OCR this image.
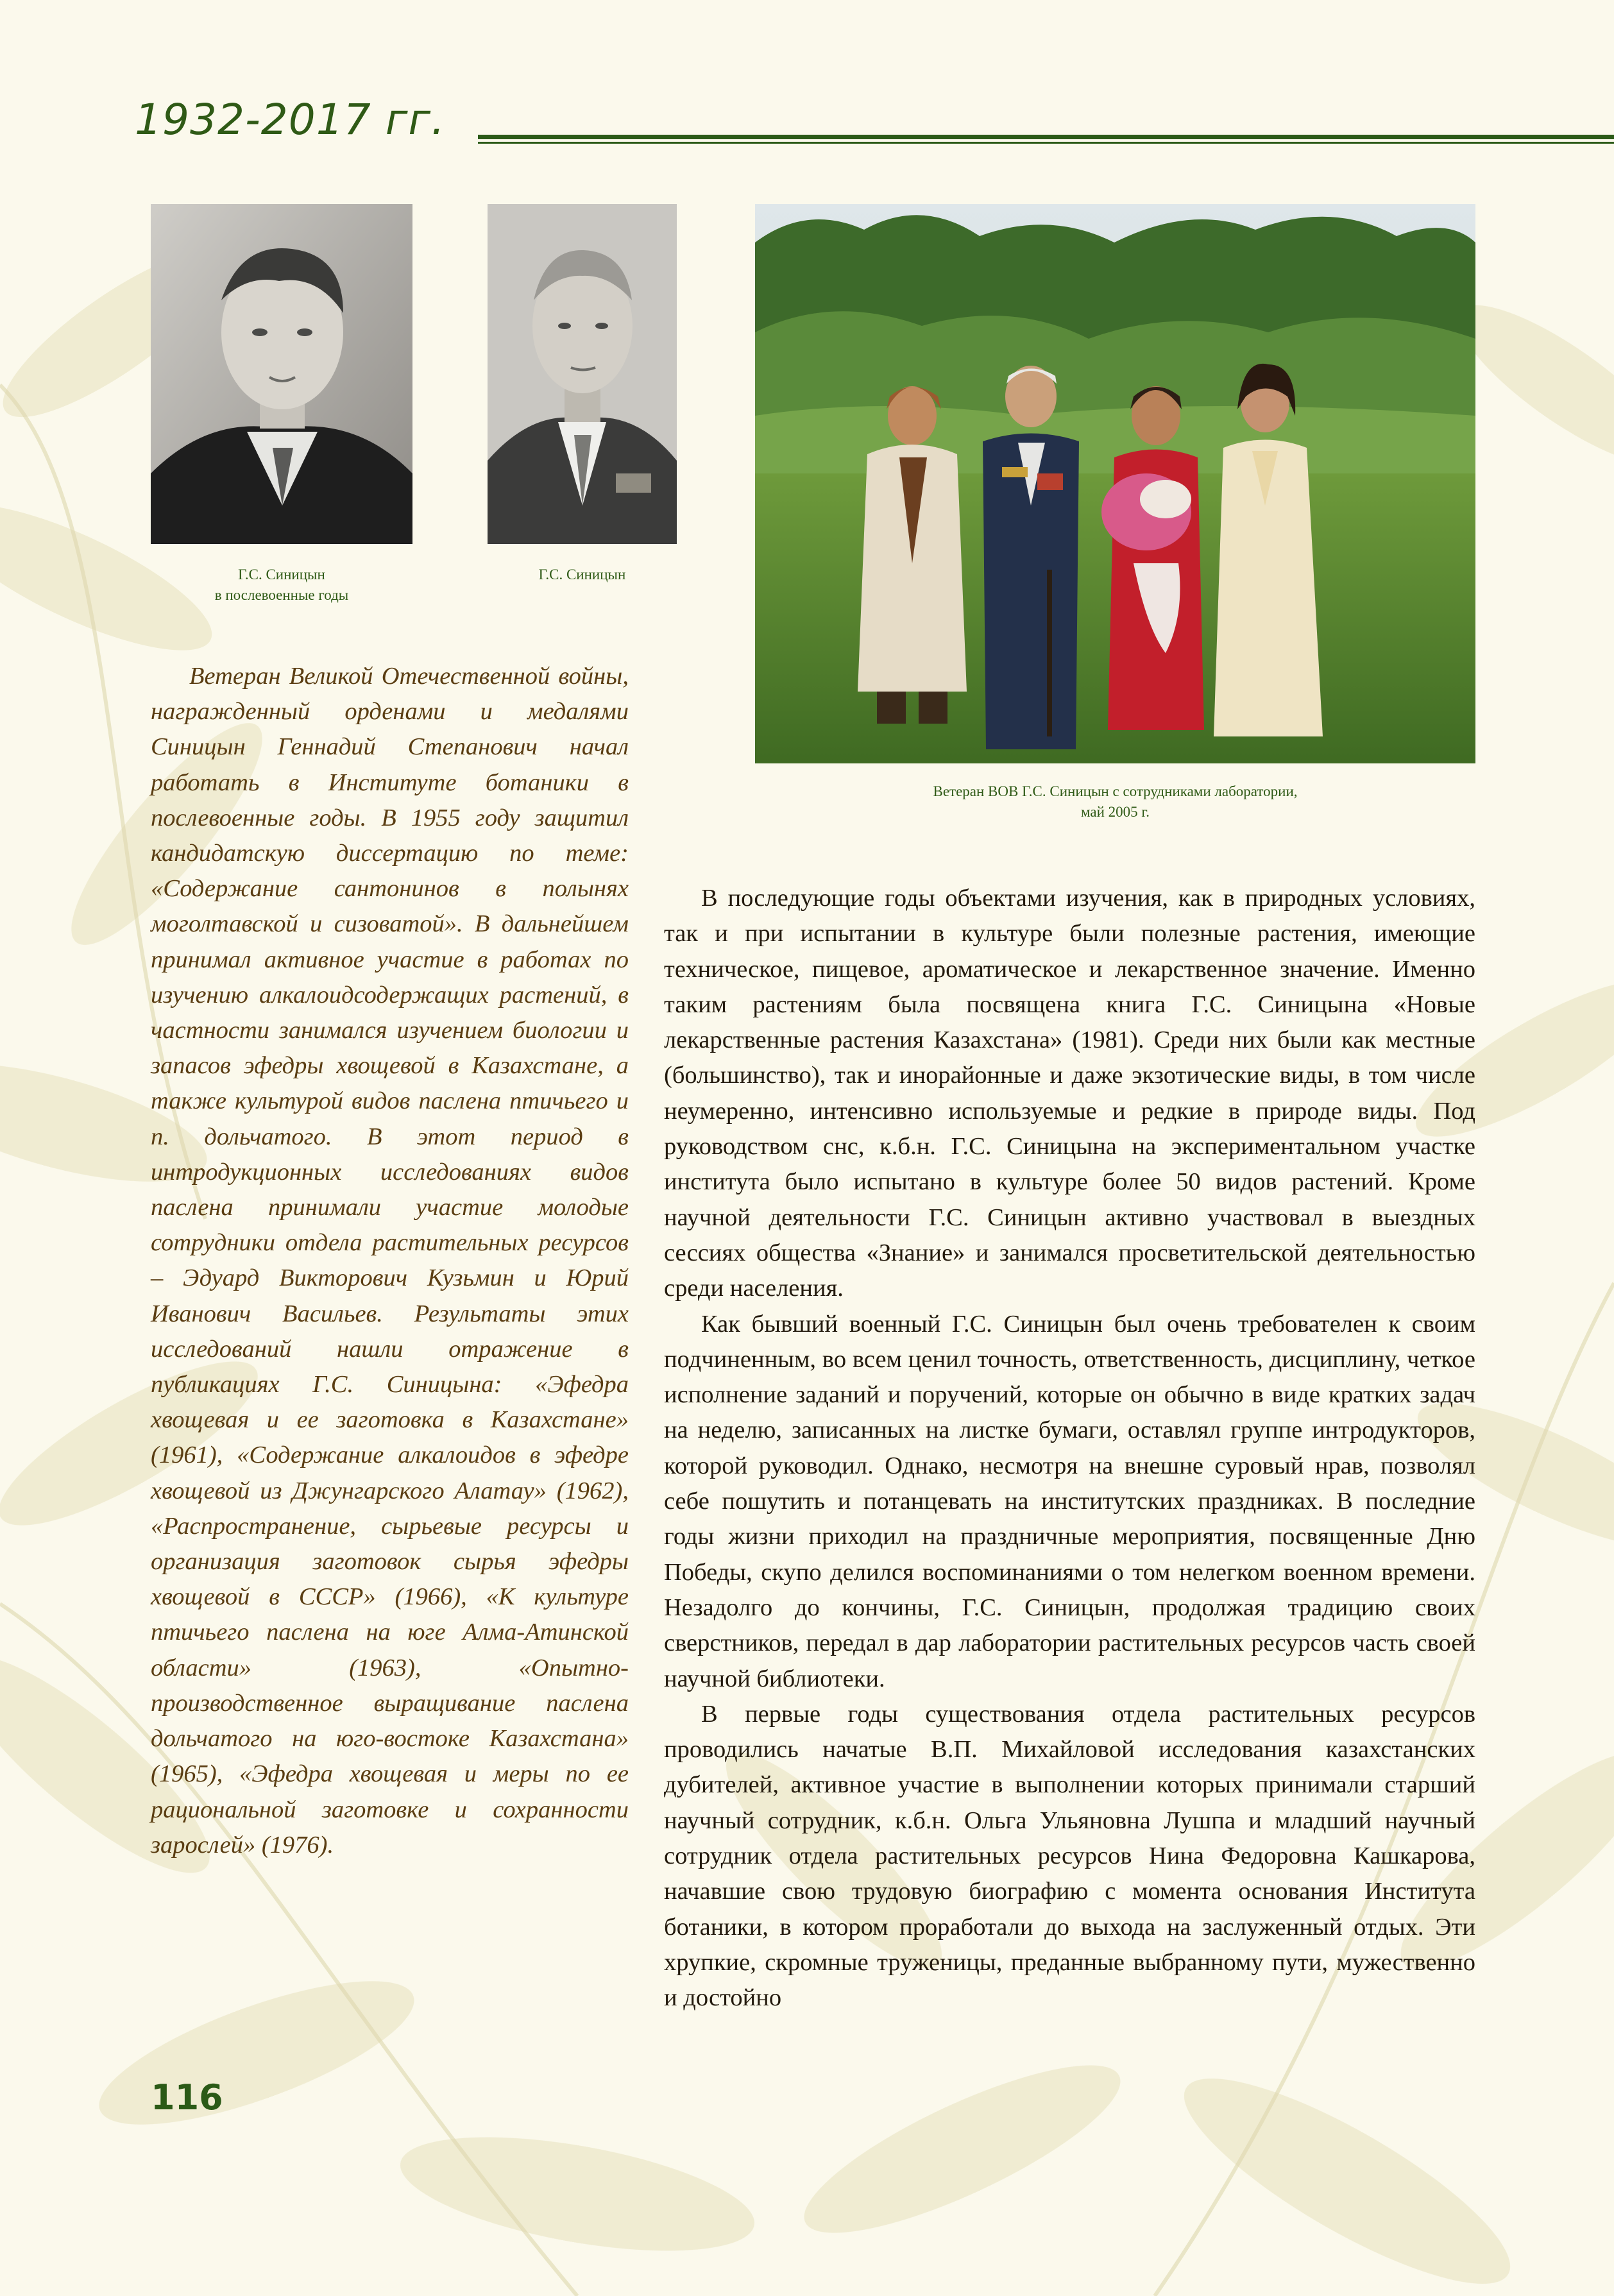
1932-2017 гг.

Г.С. Синицын
в послевоенные годы

Г.С. Синицын

Ветеран ВОВ Г.С. Синицын с сотрудниками лаборатории,
май 2005 г.

Ветеран Великой Отечественной войны, награжденный орденами и медалями Синицын Геннадий Степанович начал работать в Институте ботаники в послевоенные годы. В 1955 году защитил кандидатскую диссертацию по теме: «Содержание сантонинов в полынях моголтавской и сизоватой». В дальнейшем принимал активное участие в работах по изучению алкалоидсодержащих растений, в частности занимался изучением биологии и запасов эфедры хвощевой в Казахстане, а также культурой видов паслена птичьего и п. дольчатого. В этот период в интродукционных исследованиях видов паслена принимали участие молодые сотрудники отдела растительных ресурсов – Эдуард Викторович Кузьмин и Юрий Иванович Васильев. Результаты этих исследований нашли отражение в публикациях Г.С. Синицына: «Эфедра хвощевая и ее заготовка в Казахстане» (1961), «Содержание алкалоидов в эфедре хвощевой из Джунгарского Алатау» (1962), «Распространение, сырьевые ресурсы и организация заготовок сырья эфедры хвощевой в СССР» (1966), «К культуре птичьего паслена на юге Алма-Атинской области» (1963), «Опытно-производственное выращивание паслена дольчатого на юго-востоке Казахстана» (1965), «Эфедра хвощевая и меры по ее рациональной заготовке и сохранности зарослей» (1976).

В последующие годы объектами изучения, как в природных условиях, так и при испытании в культуре были полезные растения, имеющие техническое, пищевое, ароматическое и лекарственное значение. Именно таким растениям была посвящена книга Г.С. Синицына «Новые лекарственные растения Казахстана» (1981). Среди них были как местные (большинство), так и инорайонные и даже экзотические виды, в том числе неумеренно, интенсивно используемые и редкие в природе виды. Под руководством снс, к.б.н. Г.С. Синицына на экспериментальном участке института было испытано в культуре более 50 видов растений. Кроме научной деятельности Г.С. Синицын активно участвовал в выездных сессиях общества «Знание» и занимался просветительской деятельностью среди населения.

Как бывший военный Г.С. Синицын был очень требователен к своим подчиненным, во всем ценил точность, ответственность, дисциплину, четкое исполнение заданий и поручений, которые он обычно в виде кратких задач на неделю, записанных на листке бумаги, оставлял группе интродукторов, которой руководил. Однако, несмотря на внешне суровый нрав, позволял себе пошутить и потанцевать на институтских праздниках. В последние годы жизни приходил на праздничные мероприятия, посвященные Дню Победы, скупо делился воспоминаниями о том нелегком военном времени. Незадолго до кончины, Г.С. Синицын, продолжая традицию своих сверстников, передал в дар лаборатории растительных ресурсов часть своей научной библиотеки.

В первые годы существования отдела растительных ресурсов проводились начатые В.П. Михайловой исследования казахстанских дубителей, активное участие в выполнении которых принимали старший научный сотрудник, к.б.н. Ольга Ульяновна Лушпа и младший научный сотрудник отдела растительных ресурсов Нина Федоровна Кашкарова, начавшие свою трудовую биографию с момента основания Института ботаники, в котором проработали до выхода на заслуженный отдых. Эти хрупкие, скромные труженицы, преданные выбранному пути, мужественно и достойно

116
